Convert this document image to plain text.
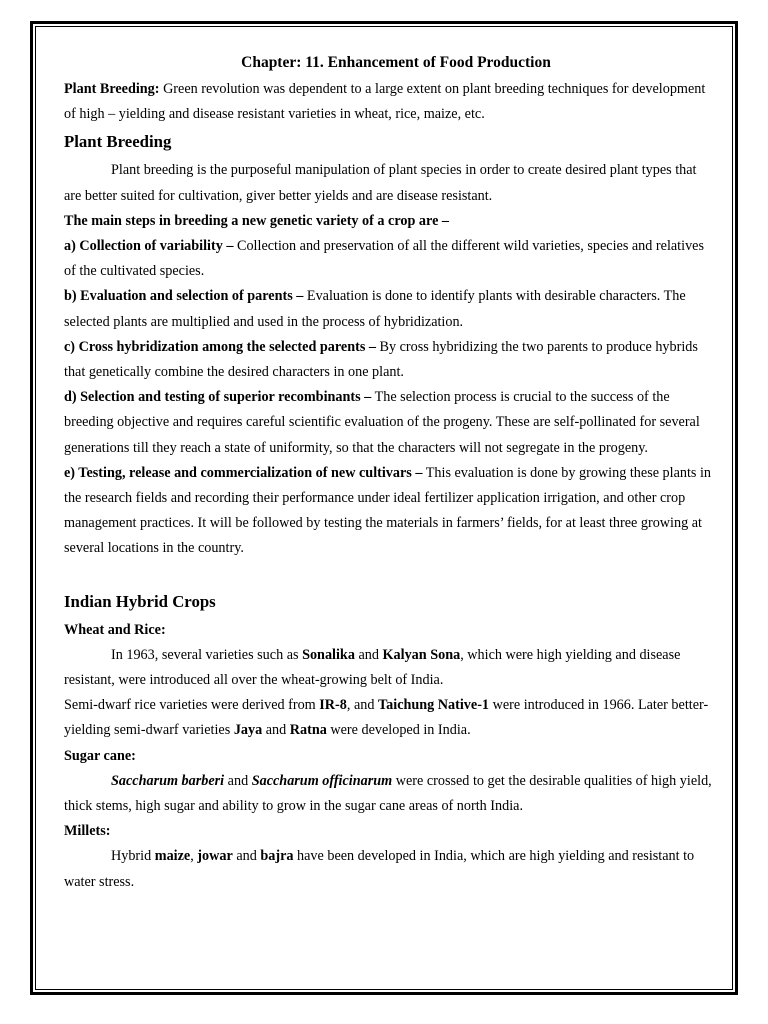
Chapter: 11. Enhancement of Food Production

Plant Breeding: Green revolution was dependent to a large extent on plant breeding techniques for development of high – yielding and disease resistant varieties in wheat, rice, maize, etc.

Plant Breeding

Plant breeding is the purposeful manipulation of plant species in order to create desired plant types that are better suited for cultivation, giver better yields and are disease resistant.

The main steps in breeding a new genetic variety of a crop are –

a) Collection of variability – Collection and preservation of all the different wild varieties, species and relatives of the cultivated species.

b) Evaluation and selection of parents – Evaluation is done to identify plants with desirable characters. The selected plants are multiplied and used in the process of hybridization.

c) Cross hybridization among the selected parents – By cross hybridizing the two parents to produce hybrids that genetically combine the desired characters in one plant.

d) Selection and testing of superior recombinants – The selection process is crucial to the success of the breeding objective and requires careful scientific evaluation of the progeny. These are self-pollinated for several generations till they reach a state of uniformity, so that the characters will not segregate in the progeny.

e) Testing, release and commercialization of new cultivars – This evaluation is done by growing these plants in the research fields and recording their performance under ideal fertilizer application irrigation, and other crop management practices. It will be followed by testing the materials in farmers’ fields, for at least three growing at several locations in the country.

Indian Hybrid Crops

Wheat and Rice:

In 1963, several varieties such as Sonalika and Kalyan Sona, which were high yielding and disease resistant, were introduced all over the wheat-growing belt of India.

Semi-dwarf rice varieties were derived from IR-8, and Taichung Native-1 were introduced in 1966. Later better-yielding semi-dwarf varieties Jaya and Ratna were developed in India.

Sugar cane:

Saccharum barberi and Saccharum officinarum were crossed to get the desirable qualities of high yield, thick stems, high sugar and ability to grow in the sugar cane areas of north India.

Millets:

Hybrid maize, jowar and bajra have been developed in India, which are high yielding and resistant to water stress.
